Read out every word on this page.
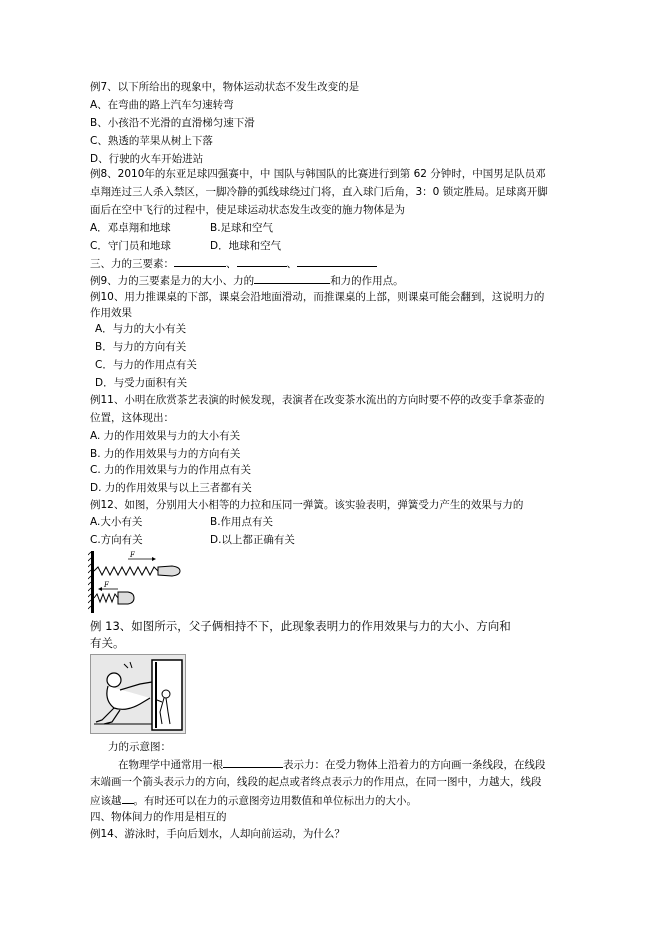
例7、以下所给出的现象中，物体运动状态不发生改变的是
A、在弯曲的路上汽车匀速转弯
B、小孩沿不光滑的直滑梯匀速下滑
C、熟透的苹果从树上下落
D、行驶的火车开始进站
例8、2010年的东亚足球四强赛中，中 国队与韩国队的比赛进行到第 62 分钟时，中国男足队员邓
卓翔连过三人杀入禁区，一脚冷静的弧线球绕过门将，直入球门后角，3：0 锁定胜局。足球离开脚
面后在空中飞行的过程中，使足球运动状态发生改变的施力物体是为
A．邓卓翔和地球	B.足球和空气
C．守门员和地球	D．地球和空气
三、力的三要素：	、	、
例9、力的三要素是力的大小、力的	和力的作用点。
例10、用力推课桌的下部，课桌会沿地面滑动，而推课桌的上部，则课桌可能会翻到，这说明力的
作用效果
A．与力的大小有关
B．与力的方向有关
C．与力的作用点有关
D．与受力面积有关
例11、小明在欣赏茶艺表演的时候发现，表演者在改变茶水流出的方向时要不停的改变手拿茶壶的
位置，这体现出：
A. 力的作用效果与力的大小有关
B. 力的作用效果与力的方向有关
C. 力的作用效果与力的作用点有关
D. 力的作用效果与以上三者都有关
例12、如图，分别用大小相等的力拉和压同一弹簧。该实验表明，弹簧受力产生的效果与力的
A.大小有关	B.作用点有关
C.方向有关	D.以上都正确有关
F
F
例 13、如图所示，父子俩相持不下，此现象表明力的作用效果与力的大小、方向和
有关。
力的示意图：
在物理学中通常用一根	表示力：在受力物体上沿着力的方向画一条线段，在线段
末端画一个箭头表示力的方向，线段的起点或者终点表示力的作用点，在同一图中，力越大，线段
应该越 。有时还可以在力的示意图旁边用数值和单位标出力的大小。
四、物体间力的作用是相互的
例14、游泳时，手向后划水，人却向前运动，为什么？
